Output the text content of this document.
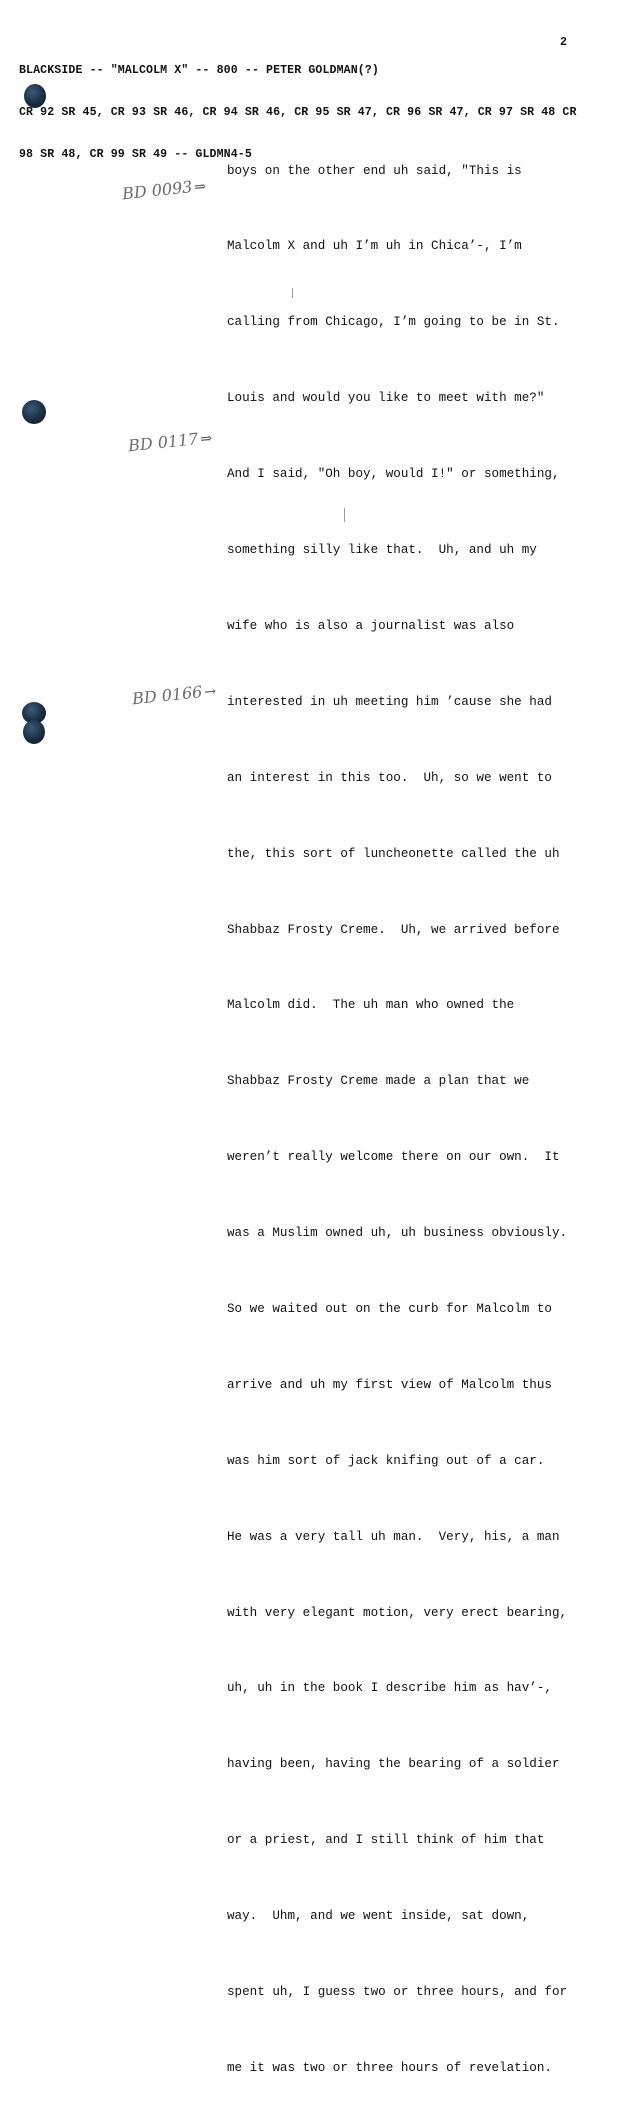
BLACKSIDE -- "MALCOLM X" -- 800 -- PETER GOLDMAN(?)

CR 92 SR 45, CR 93 SR 46, CR 94 SR 46, CR 95 SR 47, CR 96 SR 47, CR 97 SR 48 CR

98 SR 48, CR 99 SR 49 -- GLDMN4-5

2
BD 0093⇒
BD 0117⇒
BD 0166→

boys on the other end uh said, "This is

Malcolm X and uh I’m uh in Chica’-, I’m

calling from Chicago, I’m going to be in St.

Louis and would you like to meet with me?"

And I said, "Oh boy, would I!" or something,

something silly like that.  Uh, and uh my

wife who is also a journalist was also

interested in uh meeting him ’cause she had

an interest in this too.  Uh, so we went to

the, this sort of luncheonette called the uh

Shabbaz Frosty Creme.  Uh, we arrived before

Malcolm did.  The uh man who owned the

Shabbaz Frosty Creme made a plan that we

weren’t really welcome there on our own.  It

was a Muslim owned uh, uh business obviously.

So we waited out on the curb for Malcolm to

arrive and uh my first view of Malcolm thus

was him sort of jack knifing out of a car.

He was a very tall uh man.  Very, his, a man

with very elegant motion, very erect bearing,

uh, uh in the book I describe him as hav’-,

having been, having the bearing of a soldier

or a priest, and I still think of him that

way.  Uhm, and we went inside, sat down,

spent uh, I guess two or three hours, and for

me it was two or three hours of revelation.
